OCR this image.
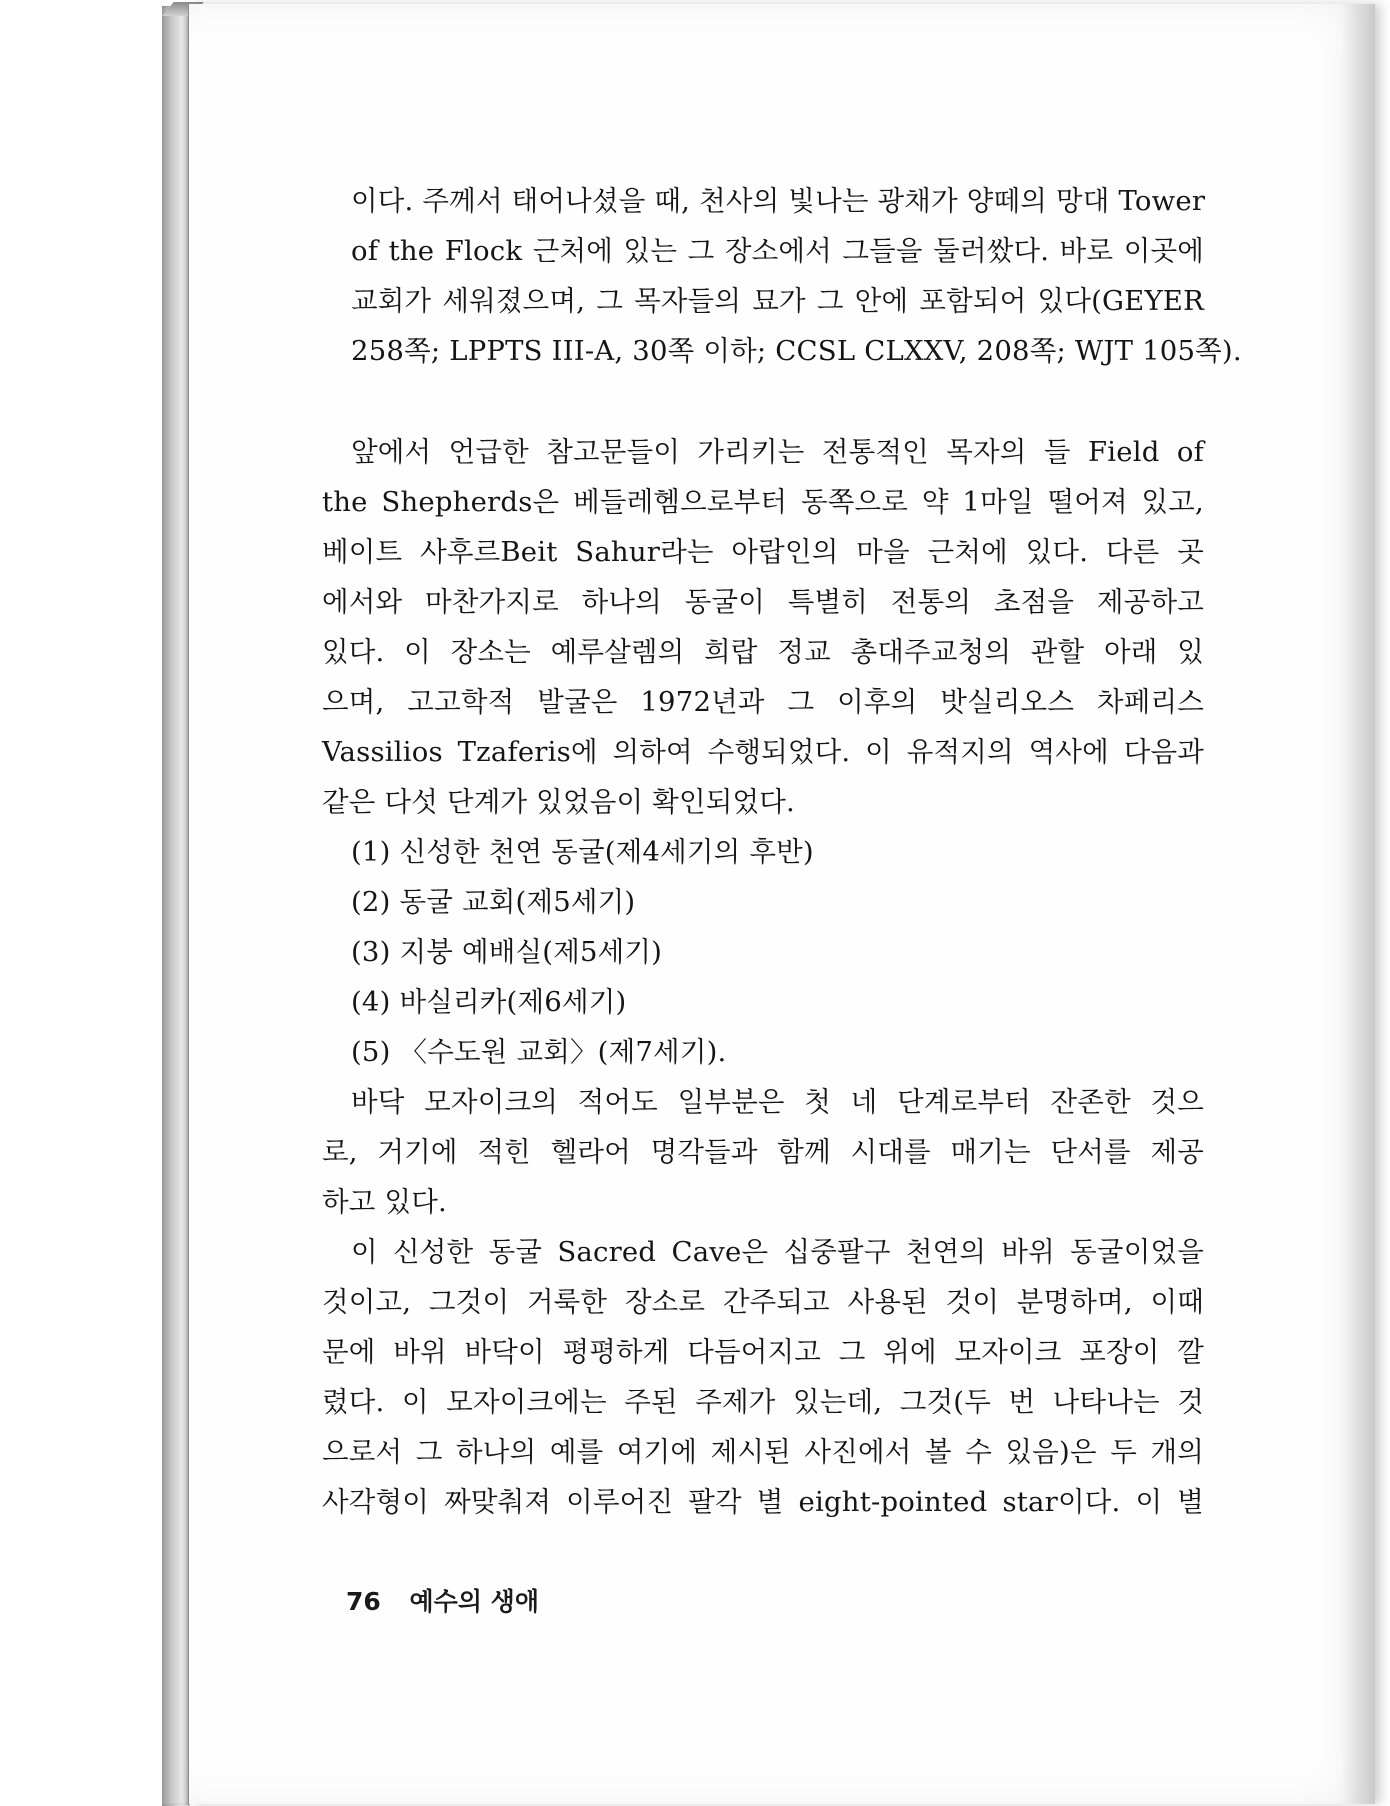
이다. 주께서 태어나셨을 때, 천사의 빛나는 광채가 양떼의 망대 Tower
of the Flock 근처에 있는 그 장소에서 그들을 둘러쌌다. 바로 이곳에
교회가 세워졌으며, 그 목자들의 묘가 그 안에 포함되어 있다(GEYER
258쪽; LPPTS III-A, 30쪽 이하; CCSL CLXXV, 208쪽; WJT 105쪽).
앞에서 언급한 참고문들이 가리키는 전통적인 목자의 들 Field of
the Shepherds은 베들레헴으로부터 동쪽으로 약 1마일 떨어져 있고,
베이트 사후르Beit Sahur라는 아랍인의 마을 근처에 있다. 다른 곳
에서와 마찬가지로 하나의 동굴이 특별히 전통의 초점을 제공하고
있다. 이 장소는 예루살렘의 희랍 정교 총대주교청의 관할 아래 있
으며, 고고학적 발굴은 1972년과 그 이후의 밧실리오스 차페리스
Vassilios Tzaferis에 의하여 수행되었다. 이 유적지의 역사에 다음과
같은 다섯 단계가 있었음이 확인되었다.
(1) 신성한 천연 동굴(제4세기의 후반)
(2) 동굴 교회(제5세기)
(3) 지붕 예배실(제5세기)
(4) 바실리카(제6세기)
(5) 〈수도원 교회〉(제7세기).
바닥 모자이크의 적어도 일부분은 첫 네 단계로부터 잔존한 것으
로, 거기에 적힌 헬라어 명각들과 함께 시대를 매기는 단서를 제공
하고 있다.
이 신성한 동굴 Sacred Cave은 십중팔구 천연의 바위 동굴이었을
것이고, 그것이 거룩한 장소로 간주되고 사용된 것이 분명하며, 이때
문에 바위 바닥이 평평하게 다듬어지고 그 위에 모자이크 포장이 깔
렸다. 이 모자이크에는 주된 주제가 있는데, 그것(두 번 나타나는 것
으로서 그 하나의 예를 여기에 제시된 사진에서 볼 수 있음)은 두 개의
사각형이 짜맞춰져 이루어진 팔각 별 eight-pointed star이다. 이 별
76 예수의 생애
